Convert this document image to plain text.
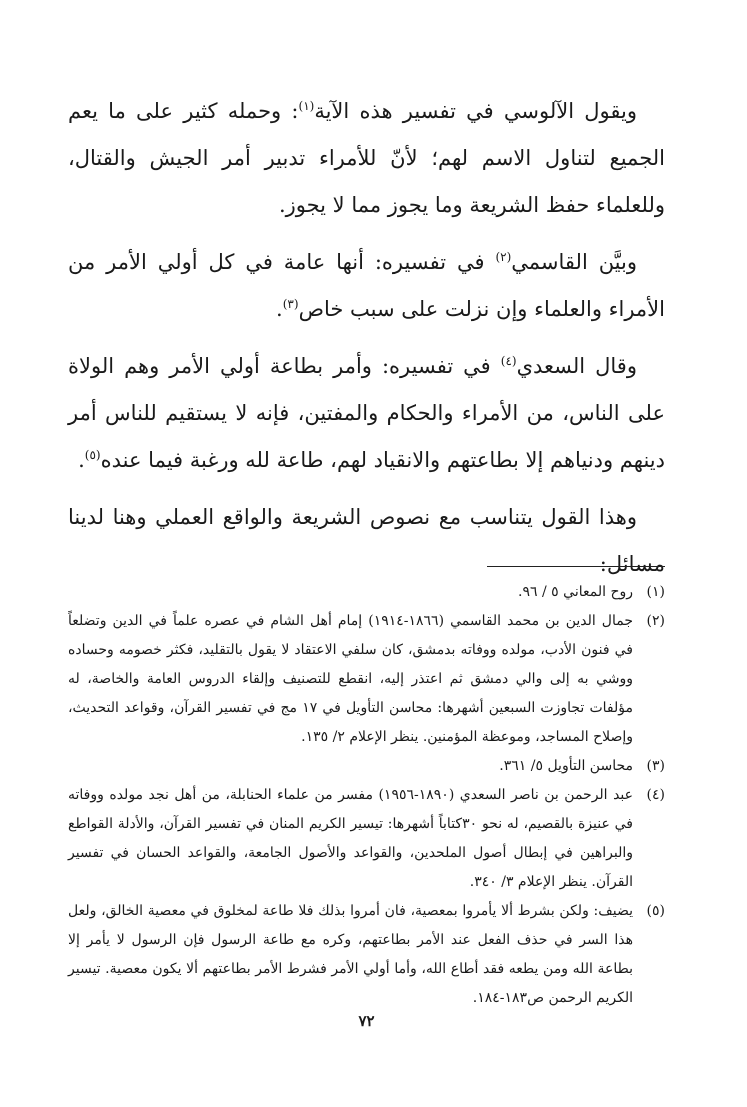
ويقول الآلوسي في تفسير هذه الآية$^{(١)}$: وحمله كثير على ما يعم الجميع لتناول الاسم لهم؛ لأنّ للأمراء تدبير أمر الجيش والقتال، وللعلماء حفظ الشريعة وما يجوز مما لا يجوز.

وبيَّن القاسمي$^{(٢)}$ في تفسيره: أنها عامة في كل أولي الأمر من الأمراء والعلماء وإن نزلت على سبب خاص$^{(٣)}$.

وقال السعدي$^{(٤)}$ في تفسيره: وأمر بطاعة أولي الأمر وهم الولاة على الناس، من الأمراء والحكام والمفتين، فإنه لا يستقيم للناس أمر دينهم ودنياهم إلا بطاعتهم والانقياد لهم، طاعة لله ورغبة فيما عنده$^{(٥)}$.

وهذا القول يتناسب مع نصوص الشريعة والواقع العملي وهنا لدينا مسائل:

(١)
روح المعاني ٥ / ٩٦.
(٢)
جمال الدين بن محمد القاسمي (١٨٦٦-١٩١٤) إمام أهل الشام في عصره علماً في الدين وتضلعاً في فنون الأدب، مولده ووفاته بدمشق، كان سلفي الاعتقاد لا يقول بالتقليد، فكثر خصومه وحساده ووشي به إلى والي دمشق ثم اعتذر إليه، انقطع للتصنيف وإلقاء الدروس العامة والخاصة، له مؤلفات تجاوزت السبعين أشهرها: محاسن التأويل في ١٧ مج في تفسير القرآن، وقواعد التحديث، وإصلاح المساجد، وموعظة المؤمنين. ينظر الإعلام ٢/ ١٣٥.
(٣)
محاسن التأويل ٥/ ٣٦١.
(٤)
عبد الرحمن بن ناصر السعدي (١٨٩٠-١٩٥٦) مفسر من علماء الحنابلة، من أهل نجد مولده ووفاته في عنيزة بالقصيم، له نحو ٣٠كتاباً أشهرها: تيسير الكريم المنان في تفسير القرآن، والأدلة القواطع والبراهين في إبطال أصول الملحدين، والقواعد والأصول الجامعة، والقواعد الحسان في تفسير القرآن. ينظر الإعلام ٣/ ٣٤٠.
(٥)
يضيف: ولكن بشرط ألا يأمروا بمعصية، فان أمروا بذلك فلا طاعة لمخلوق في معصية الخالق، ولعل هذا السر في حذف الفعل عند الأمر بطاعتهم، وكره مع طاعة الرسول فإن الرسول لا يأمر إلا بطاعة الله ومن يطعه فقد أطاع الله، وأما أولي الأمر فشرط الأمر بطاعتهم ألا يكون معصية. تيسير الكريم الرحمن ص١٨٣-١٨٤.
٧٢
